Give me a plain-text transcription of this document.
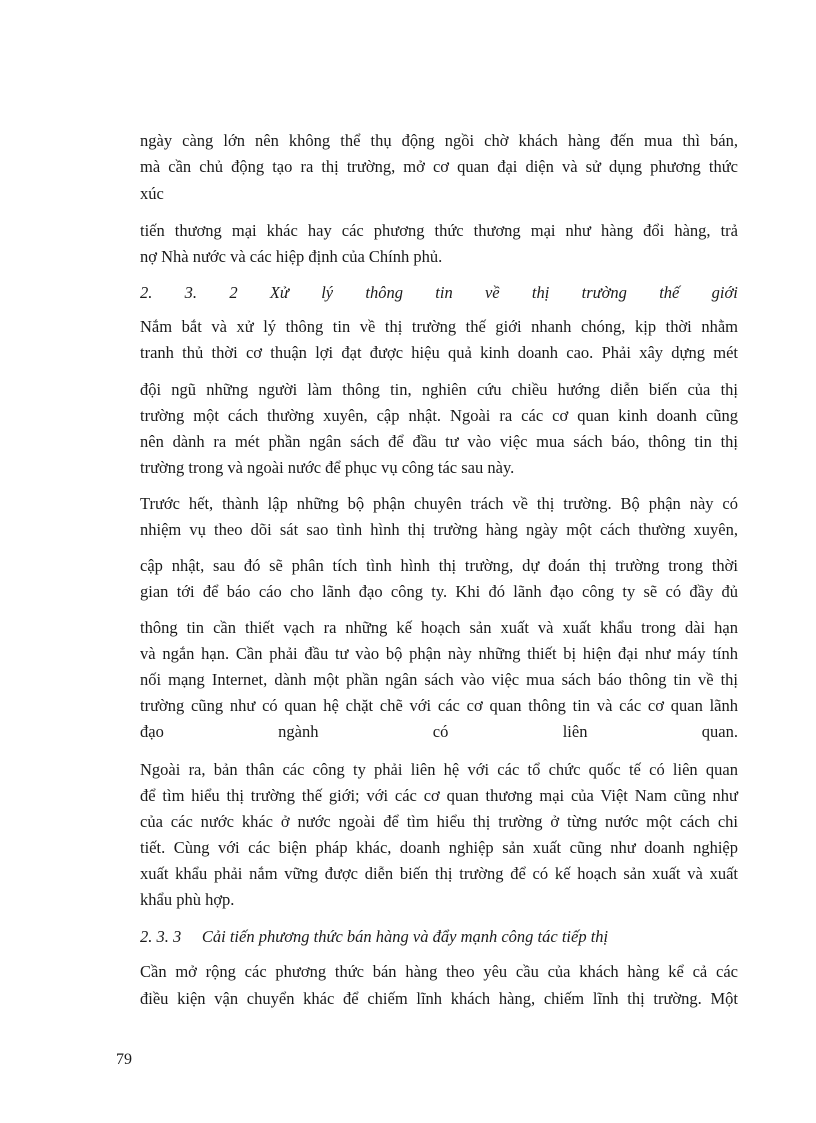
ngày càng lớn nên không thể thụ động ngồi chờ khách hàng đến mua thì bán,
mà cần chủ động tạo ra thị trường, mở cơ quan đại diện và sử dụng phương thức
xúc
tiến thương mại khác hay các phương thức thương mại như hàng đổi hàng, trả
nợ Nhà nước và các hiệp định của Chính phủ.
2. 3. 2 Xử lý thông tin về thị trường thế giới
Nắm bắt và xử lý thông tin về thị trường thế giới nhanh chóng, kịp thời nhằm
tranh thủ thời cơ thuận lợi đạt được hiệu quả kinh doanh cao. Phải xây dựng mét
đội ngũ những người làm thông tin, nghiên cứu chiều hướng diễn biến của thị
trường một cách thường xuyên, cập nhật. Ngoài ra các cơ quan kinh doanh cũng
nên dành ra mét phần ngân sách để đầu tư vào việc mua sách báo, thông tin thị
trường trong và ngoài nước để phục vụ công tác sau này.
Trước hết, thành lập những bộ phận chuyên trách về thị trường. Bộ phận này có
nhiệm vụ theo dõi sát sao tình hình thị trường hàng ngày một cách thường xuyên,
cập nhật, sau đó sẽ phân tích tình hình thị trường, dự đoán thị trường trong thời
gian tới để báo cáo cho lãnh đạo công ty. Khi đó lãnh đạo công ty sẽ có đầy đủ
thông tin cần thiết vạch ra những kế hoạch sản xuất và xuất khẩu trong dài hạn
và ngắn hạn. Cần phải đầu tư vào bộ phận này những thiết bị hiện đại như máy tính
nối mạng Internet, dành một phần ngân sách vào việc mua sách báo thông tin về thị
trường cũng như có quan hệ chặt chẽ với các cơ quan thông tin và các cơ quan lãnh
đạo ngành có liên quan.
Ngoài ra, bản thân các công ty phải liên hệ với các tổ chức quốc tế có liên quan
để tìm hiểu thị trường thế giới; với các cơ quan thương mại của Việt Nam cũng như
của các nước khác ở nước ngoài để tìm hiểu thị trường ở từng nước một cách chi
tiết. Cùng với các biện pháp khác, doanh nghiệp sản xuất cũng như doanh nghiệp
xuất khẩu phải nắm vững được diễn biến thị trường để có kế hoạch sản xuất và xuất
khẩu phù hợp.
2. 3. 3     Cải tiến phương thức bán hàng và đẩy mạnh công tác tiếp thị
Cần mở rộng các phương thức bán hàng theo yêu cầu của khách hàng kể cả các
điều kiện vận chuyển khác để chiếm lĩnh khách hàng, chiếm lĩnh thị trường. Một
79
